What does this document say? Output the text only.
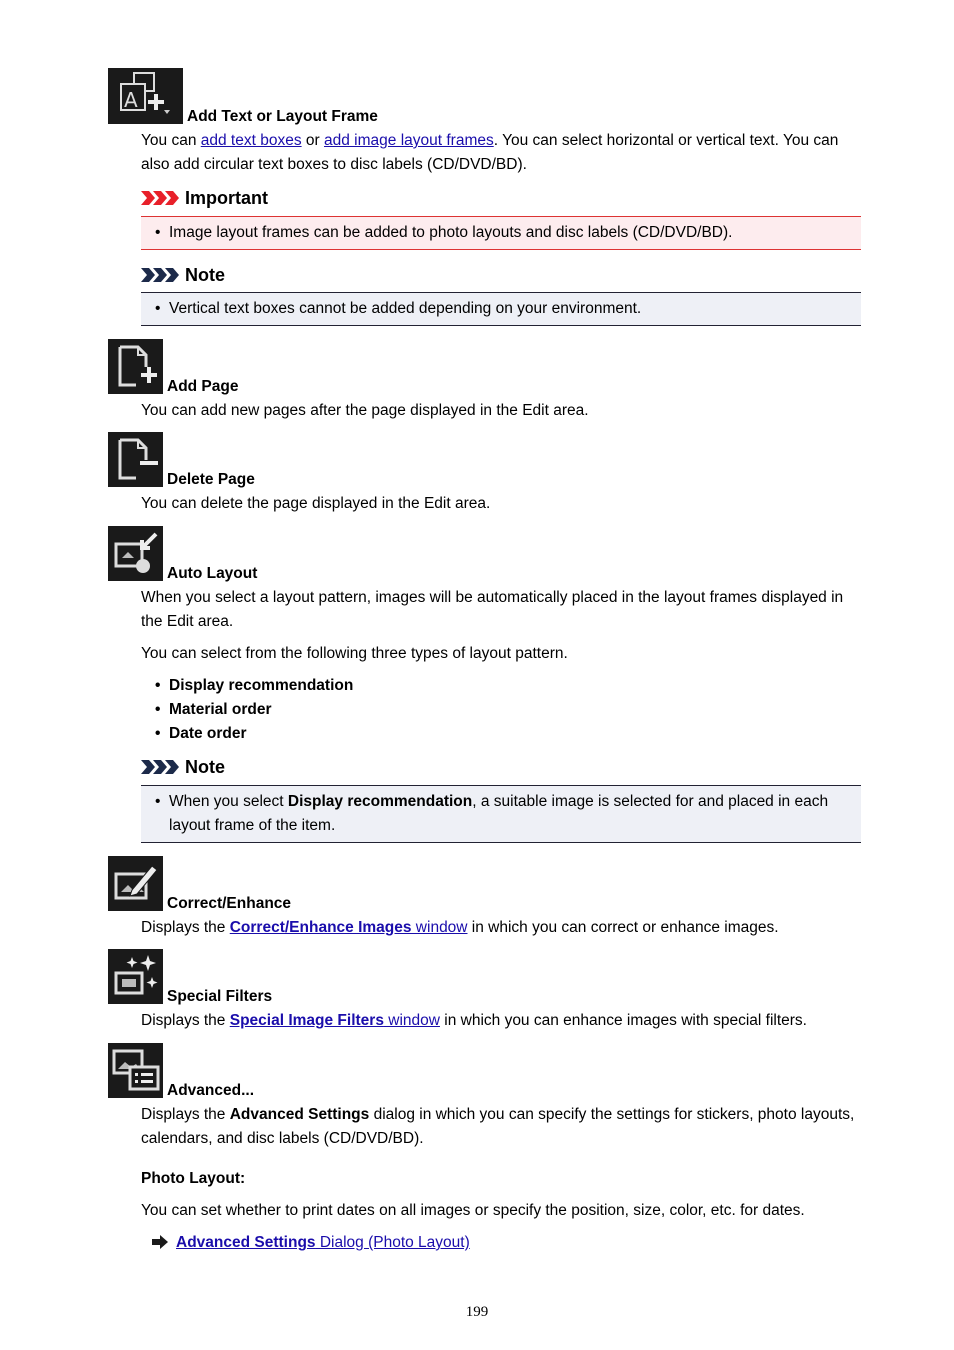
A
Add Text or Layout Frame
You can add text boxes or add image layout frames. You can select horizontal or vertical text. You can also add circular text boxes to disc labels (CD/DVD/BD).
Important
• Image layout frames can be added to photo layouts and disc labels (CD/DVD/BD).
Note
• Vertical text boxes cannot be added depending on your environment.
Add Page
You can add new pages after the page displayed in the Edit area.
Delete Page
You can delete the page displayed in the Edit area.
Auto Layout
When you select a layout pattern, images will be automatically placed in the layout frames displayed in the Edit area.
You can select from the following three types of layout pattern.
• Display recommendation
• Material order
• Date order
Note
• When you select Display recommendation, a suitable image is selected for and placed in each layout frame of the item.
Correct/Enhance
Displays the Correct/Enhance Images window in which you can correct or enhance images.
Special Filters
Displays the Special Image Filters window in which you can enhance images with special filters.
Advanced...
Displays the Advanced Settings dialog in which you can specify the settings for stickers, photo layouts, calendars, and disc labels (CD/DVD/BD).
Photo Layout:
You can set whether to print dates on all images or specify the position, size, color, etc. for dates.
Advanced Settings Dialog (Photo Layout)
199
